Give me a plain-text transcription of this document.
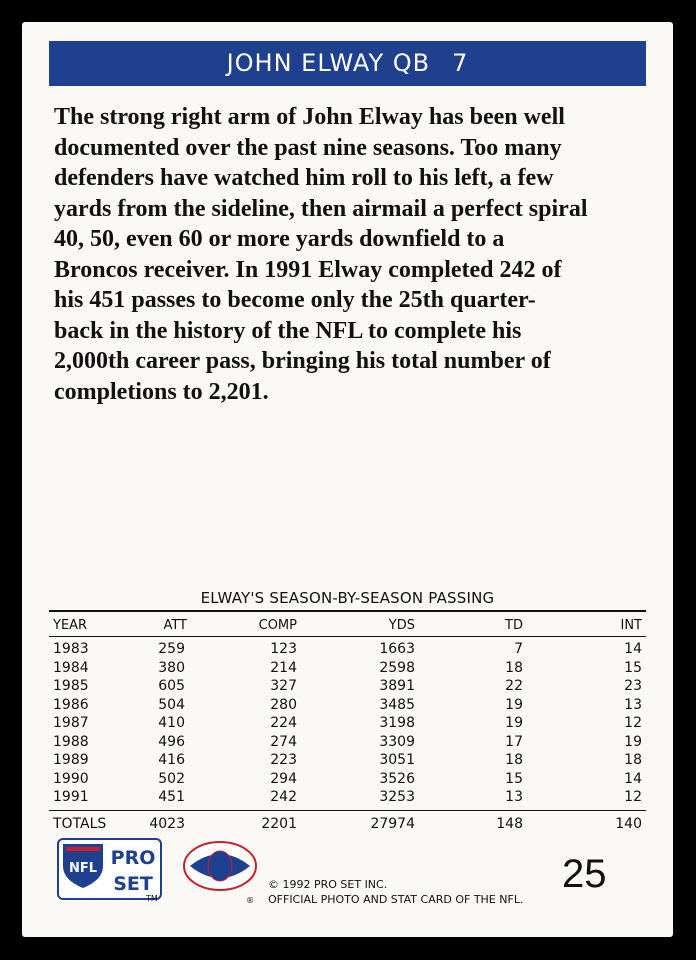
JOHN ELWAY QB 7

The strong right arm of John Elway has been well
documented over the past nine seasons. Too many
defenders have watched him roll to his left, a few
yards from the sideline, then airmail a perfect spiral
40, 50, even 60 or more yards downfield to a
Broncos receiver. In 1991 Elway completed 242 of
his 451 passes to become only the 25th quarter-
back in the history of the NFL to complete his
2,000th career pass, bringing his total number of
completions to 2,201.

ELWAY'S SEASON-BY-SEASON PASSING
YEAR	ATT	COMP	YDS	TD	INT
1983	259	123	1663	7	14
1984	380	214	2598	18	15
1985	605	327	3891	22	23
1986	504	280	3485	19	13
1987	410	224	3198	19	12
1988	496	274	3309	17	19
1989	416	223	3051	18	18
1990	502	294	3526	15	14
1991	451	242	3253	13	12
TOTALS	4023	2201	27974	148	140
NFL PRO
SET
TM	®
© 1992 PRO SET INC.
OFFICIAL PHOTO AND STAT CARD OF THE NFL.
25
